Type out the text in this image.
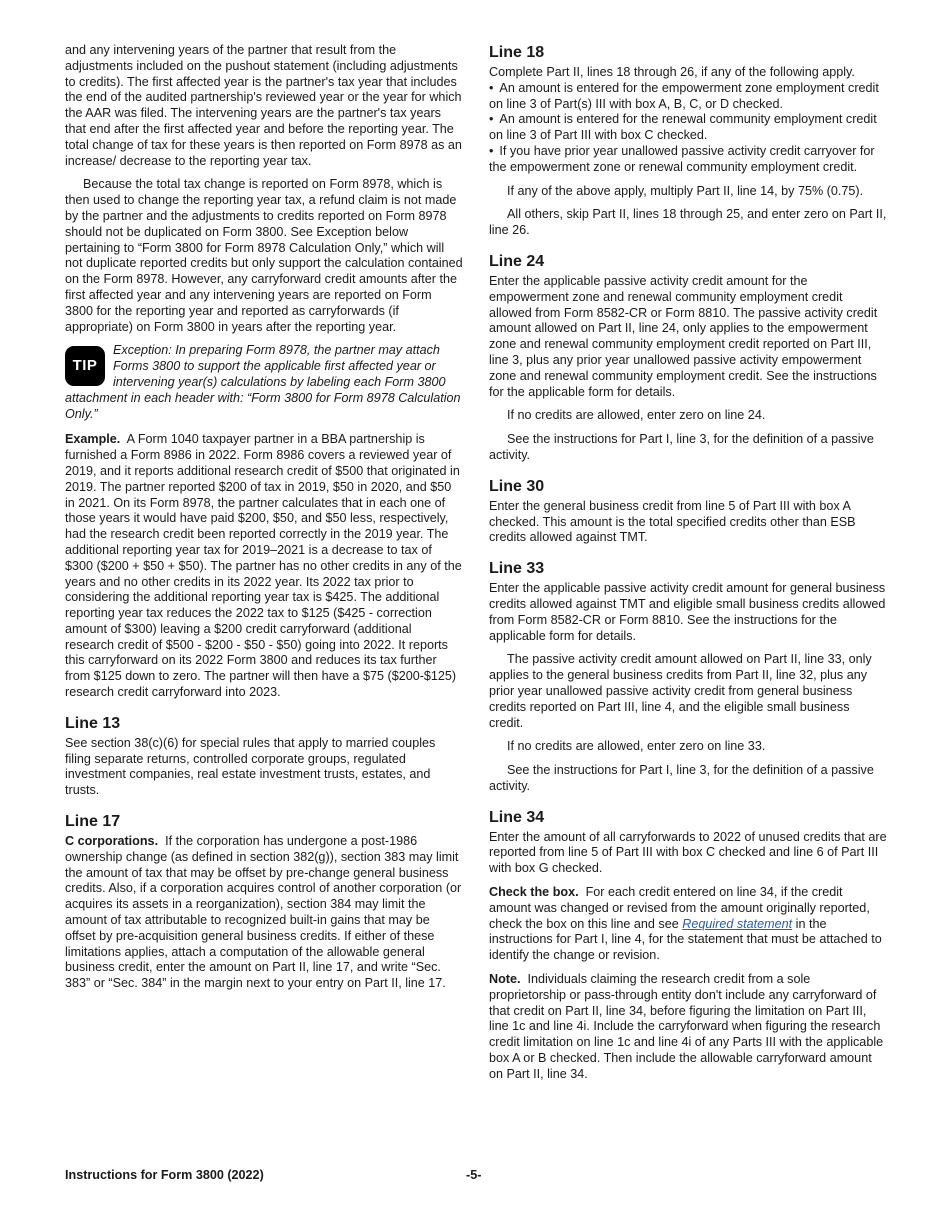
and any intervening years of the partner that result from the adjustments included on the pushout statement (including adjustments to credits). The first affected year is the partner's tax year that includes the end of the audited partnership's reviewed year or the year for which the AAR was filed. The intervening years are the partner's tax years that end after the first affected year and before the reporting year. The total change of tax for these years is then reported on Form 8978 as an increase/ decrease to the reporting year tax.

Because the total tax change is reported on Form 8978, which is then used to change the reporting year tax, a refund claim is not made by the partner and the adjustments to credits reported on Form 8978 should not be duplicated on Form 3800. See Exception below pertaining to “Form 3800 for Form 8978 Calculation Only,” which will not duplicate reported credits but only support the calculation contained on the Form 8978. However, any carryforward credit amounts after the first affected year and any intervening years are reported on Form 3800 for the reporting year and reported as carryforwards (if appropriate) on Form 3800 in years after the reporting year.

TIP
Exception: In preparing Form 8978, the partner may attach Forms 3800 to support the applicable first affected year or intervening year(s) calculations by labeling each Form 3800 attachment in each header with: “Form 3800 for Form 8978 Calculation Only.”

Example. A Form 1040 taxpayer partner in a BBA partnership is furnished a Form 8986 in 2022. Form 8986 covers a reviewed year of 2019, and it reports additional research credit of $500 that originated in 2019. The partner reported $200 of tax in 2019, $50 in 2020, and $50 in 2021. On its Form 8978, the partner calculates that in each one of those years it would have paid $200, $50, and $50 less, respectively, had the research credit been reported correctly in the 2019 year. The additional reporting year tax for 2019–2021 is a decrease to tax of $300 ($200 + $50 + $50). The partner has no other credits in any of the years and no other credits in its 2022 year. Its 2022 tax prior to considering the additional reporting year tax is $425. The additional reporting year tax reduces the 2022 tax to $125 ($425 - correction amount of $300) leaving a $200 credit carryforward (additional research credit of $500 - $200 - $50 - $50) going into 2022. It reports this carryforward on its 2022 Form 3800 and reduces its tax further from $125 down to zero. The partner will then have a $75 ($200-$125) research credit carryforward into 2023.

Line 13

See section 38(c)(6) for special rules that apply to married couples filing separate returns, controlled corporate groups, regulated investment companies, real estate investment trusts, estates, and trusts.

Line 17

C corporations. If the corporation has undergone a post-1986 ownership change (as defined in section 382(g)), section 383 may limit the amount of tax that may be offset by pre-change general business credits. Also, if a corporation acquires control of another corporation (or acquires its assets in a reorganization), section 384 may limit the amount of tax attributable to recognized built-in gains that may be offset by pre-acquisition general business credits. If either of these limitations applies, attach a computation of the allowable general business credit, enter the amount on Part II, line 17, and write “Sec. 383” or “Sec. 384” in the margin next to your entry on Part II, line 17.

Line 18

Complete Part II, lines 18 through 26, if any of the following apply.

• An amount is entered for the empowerment zone employment credit on line 3 of Part(s) III with box A, B, C, or D checked.
• An amount is entered for the renewal community employment credit on line 3 of Part III with box C checked.
• If you have prior year unallowed passive activity credit carryover for the empowerment zone or renewal community employment credit.

If any of the above apply, multiply Part II, line 14, by 75% (0.75).

All others, skip Part II, lines 18 through 25, and enter zero on Part II, line 26.

Line 24

Enter the applicable passive activity credit amount for the empowerment zone and renewal community employment credit allowed from Form 8582-CR or Form 8810. The passive activity credit amount allowed on Part II, line 24, only applies to the empowerment zone and renewal community employment credit reported on Part III, line 3, plus any prior year unallowed passive activity empowerment zone and renewal community employment credit. See the instructions for the applicable form for details.

If no credits are allowed, enter zero on line 24.

See the instructions for Part I, line 3, for the definition of a passive activity.

Line 30

Enter the general business credit from line 5 of Part III with box A checked. This amount is the total specified credits other than ESB credits allowed against TMT.

Line 33

Enter the applicable passive activity credit amount for general business credits allowed against TMT and eligible small business credits allowed from Form 8582-CR or Form 8810. See the instructions for the applicable form for details.

The passive activity credit amount allowed on Part II, line 33, only applies to the general business credits from Part II, line 32, plus any prior year unallowed passive activity credit from general business credits reported on Part III, line 4, and the eligible small business credit.

If no credits are allowed, enter zero on line 33.

See the instructions for Part I, line 3, for the definition of a passive activity.

Line 34

Enter the amount of all carryforwards to 2022 of unused credits that are reported from line 5 of Part III with box C checked and line 6 of Part III with box G checked.

Check the box. For each credit entered on line 34, if the credit amount was changed or revised from the amount originally reported, check the box on this line and see Required statement in the instructions for Part I, line 4, for the statement that must be attached to identify the change or revision.

Note. Individuals claiming the research credit from a sole proprietorship or pass-through entity don't include any carryforward of that credit on Part II, line 34, before figuring the limitation on Part III, line 1c and line 4i. Include the carryforward when figuring the research credit limitation on line 1c and line 4i of any Parts III with the applicable box A or B checked. Then include the allowable carryforward amount on Part II, line 34.

Instructions for Form 3800 (2022)	-5-
